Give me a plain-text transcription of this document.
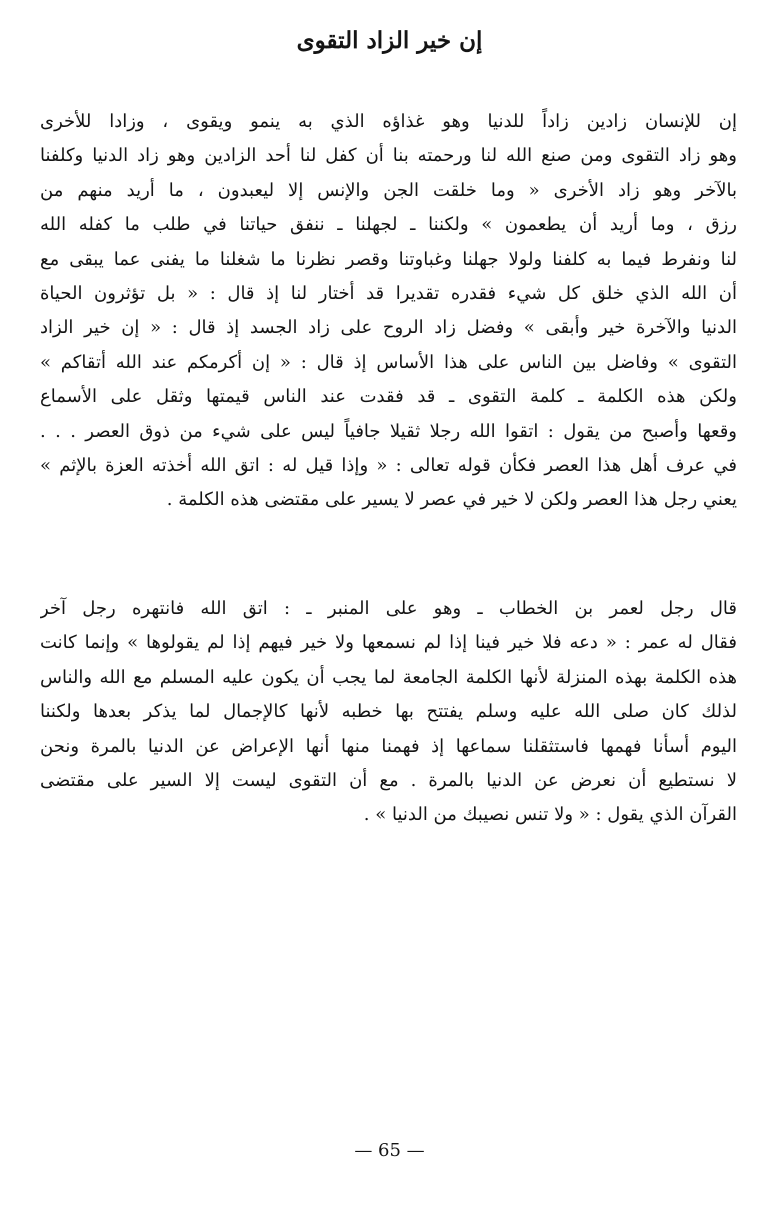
إن خير الزاد التقوى

إن للإنسان زادين زاداً للدنيا وهو غذاؤه الذي به ينمو ويقوى ، وزادا للأخرى
وهو زاد التقوى ومن صنع الله لنا ورحمته بنا أن كفل لنا أحد الزادين وهو زاد الدنيا وكلفنا
بالآخر وهو زاد الأخرى « وما خلقت الجن والإنس إلا ليعبدون ، ما أريد منهم من
رزق ، وما أريد أن يطعمون » ولكننا ـ لجهلنا ـ ننفق حياتنا في طلب ما كفله الله
لنا ونفرط فيما به كلفنا ولولا جهلنا وغباوتنا وقصر نظرنا ما شغلنا ما يفنى عما يبقى مع
أن الله الذي خلق كل شيء فقدره تقديرا قد أختار لنا إذ قال : « بل تؤثرون الحياة
الدنيا والآخرة خير وأبقى » وفضل زاد الروح على زاد الجسد إذ قال : « إن خير الزاد
التقوى » وفاضل بين الناس على هذا الأساس إذ قال : « إن أكرمكم عند الله أتقاكم »
ولكن هذه الكلمة ـ كلمة التقوى ـ قد فقدت عند الناس قيمتها وثقل على الأسماع
وقعها وأصبح من يقول : اتقوا الله رجلا ثقيلا جافياً ليس على شيء من ذوق العصر . . .
في عرف أهل هذا العصر فكأن قوله تعالى : « وإذا قيل له : اتق الله أخذته العزة بالإثم »
يعني رجل هذا العصر ولكن لا خير في عصر لا يسير على مقتضى هذه الكلمة .

قال رجل لعمر بن الخطاب ـ وهو على المنبر ـ : اتق الله فانتهره رجل آخر
فقال له عمر : « دعه فلا خير فينا إذا لم نسمعها ولا خير فيهم إذا لم يقولوها » وإنما كانت
هذه الكلمة بهذه المنزلة لأنها الكلمة الجامعة لما يجب أن يكون عليه المسلم مع الله والناس
لذلك كان صلى الله عليه وسلم يفتتح بها خطبه لأنها كالإجمال لما يذكر بعدها ولكننا
اليوم أسأنا فهمها فاستثقلنا سماعها إذ فهمنا منها أنها الإعراض عن الدنيا بالمرة ونحن
لا نستطيع أن نعرض عن الدنيا بالمرة . مع أن التقوى ليست إلا السير على مقتضى
القرآن الذي يقول : « ولا تنس نصيبك من الدنيا » .

— 65 —
